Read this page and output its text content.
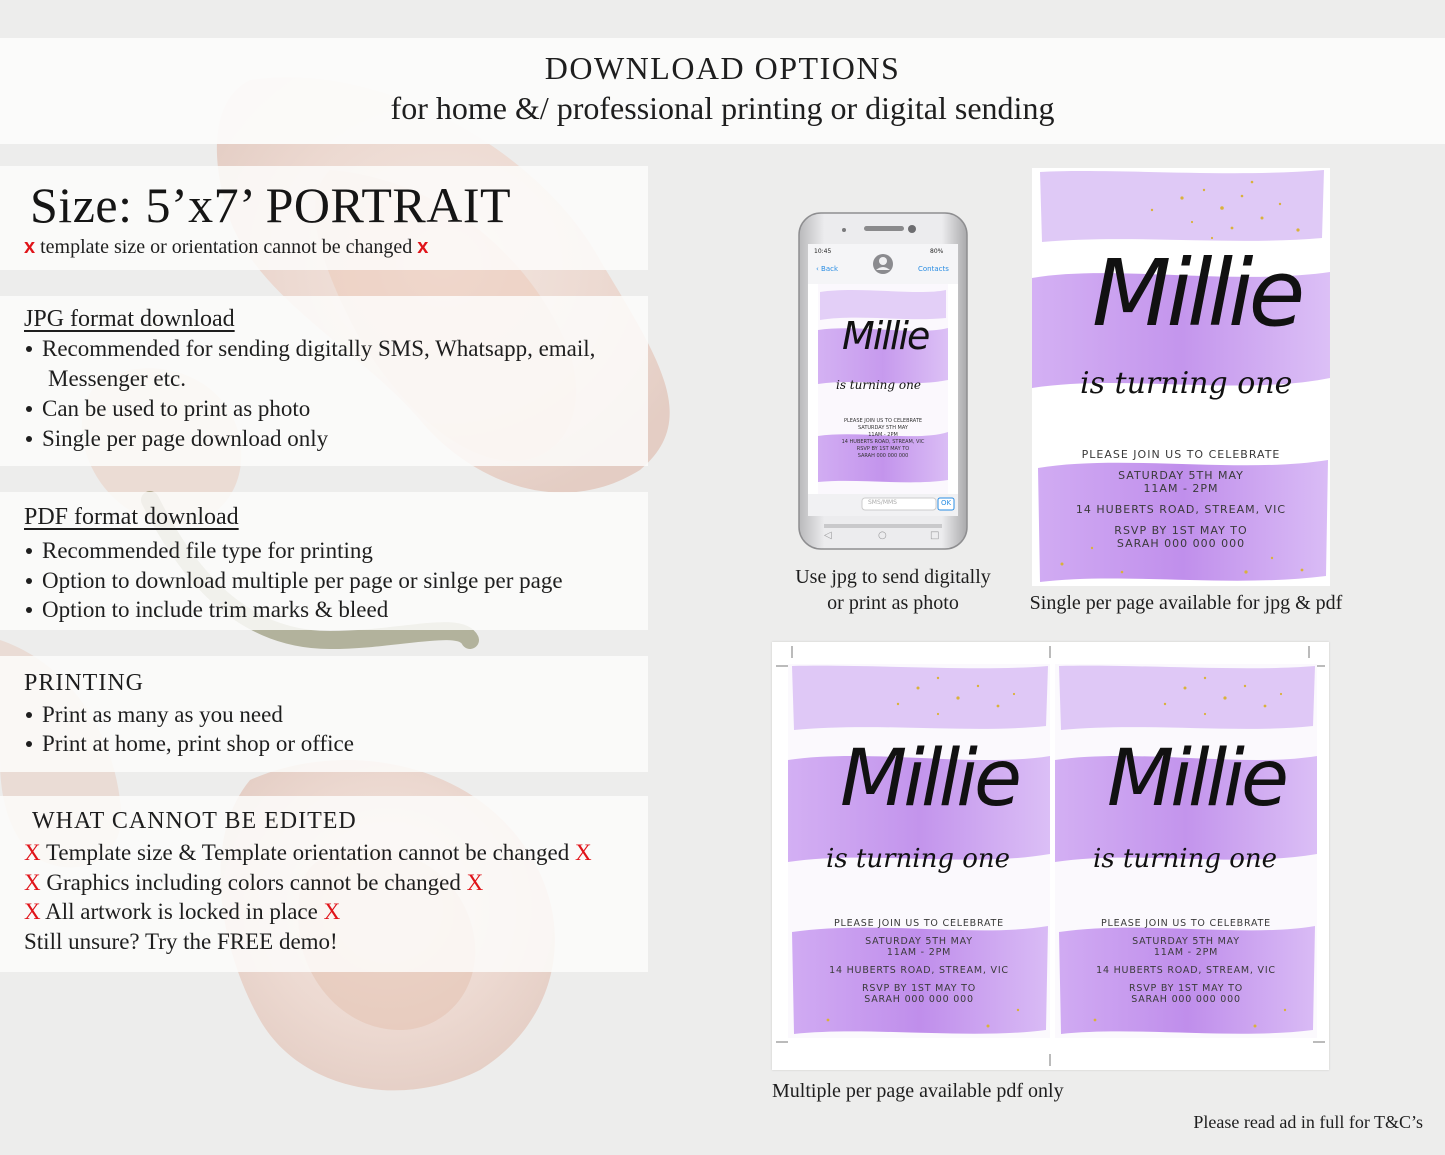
DOWNLOAD OPTIONS
for home &/ professional printing or digital sending
Size: 5’x7’ PORTRAIT
x template size or orientation cannot be changed x
JPG format download
Recommended for sending digitally SMS, Whatsapp, email,
Messenger etc.
Can be used to print as photo
Single per page download only
PDF format download
Recommended file type for printing
Option to download multiple per page or sinlge per page
Option to include trim marks & bleed
PRINTING
Print as many as you need
Print at home, print shop or office
WHAT CANNOT BE EDITED
X Template size & Template orientation cannot be changed X
X Graphics including colors cannot be changed X
X All artwork is locked in place X
Still unsure? Try the FREE demo!
◁	○	□
10:45	80%
‹ Back	Contacts
Millie
is turning one
PLEASE JOIN US TO CELEBRATE
SATURDAY 5TH MAY
11AM - 2PM
14 HUBERTS ROAD, STREAM, VIC
RSVP BY 1ST MAY TO
SARAH 000 000 000
SMS/MMS	OK
Use jpg to send digitally
or print as photo
Millie
is turning one
PLEASE JOIN US TO CELEBRATE
SATURDAY 5TH MAY
11AM - 2PM
14 HUBERTS ROAD, STREAM, VIC
RSVP BY 1ST MAY TO
SARAH 000 000 000
Single per page available for jpg & pdf
Millie
is turning one
PLEASE JOIN US TO CELEBRATE
SATURDAY 5TH MAY
11AM - 2PM
14 HUBERTS ROAD, STREAM, VIC
RSVP BY 1ST MAY TO
SARAH 000 000 000
Millie
is turning one
PLEASE JOIN US TO CELEBRATE
SATURDAY 5TH MAY
11AM - 2PM
14 HUBERTS ROAD, STREAM, VIC
RSVP BY 1ST MAY TO
SARAH 000 000 000
Multiple per page available pdf only
Please read ad in full for T&C’s
